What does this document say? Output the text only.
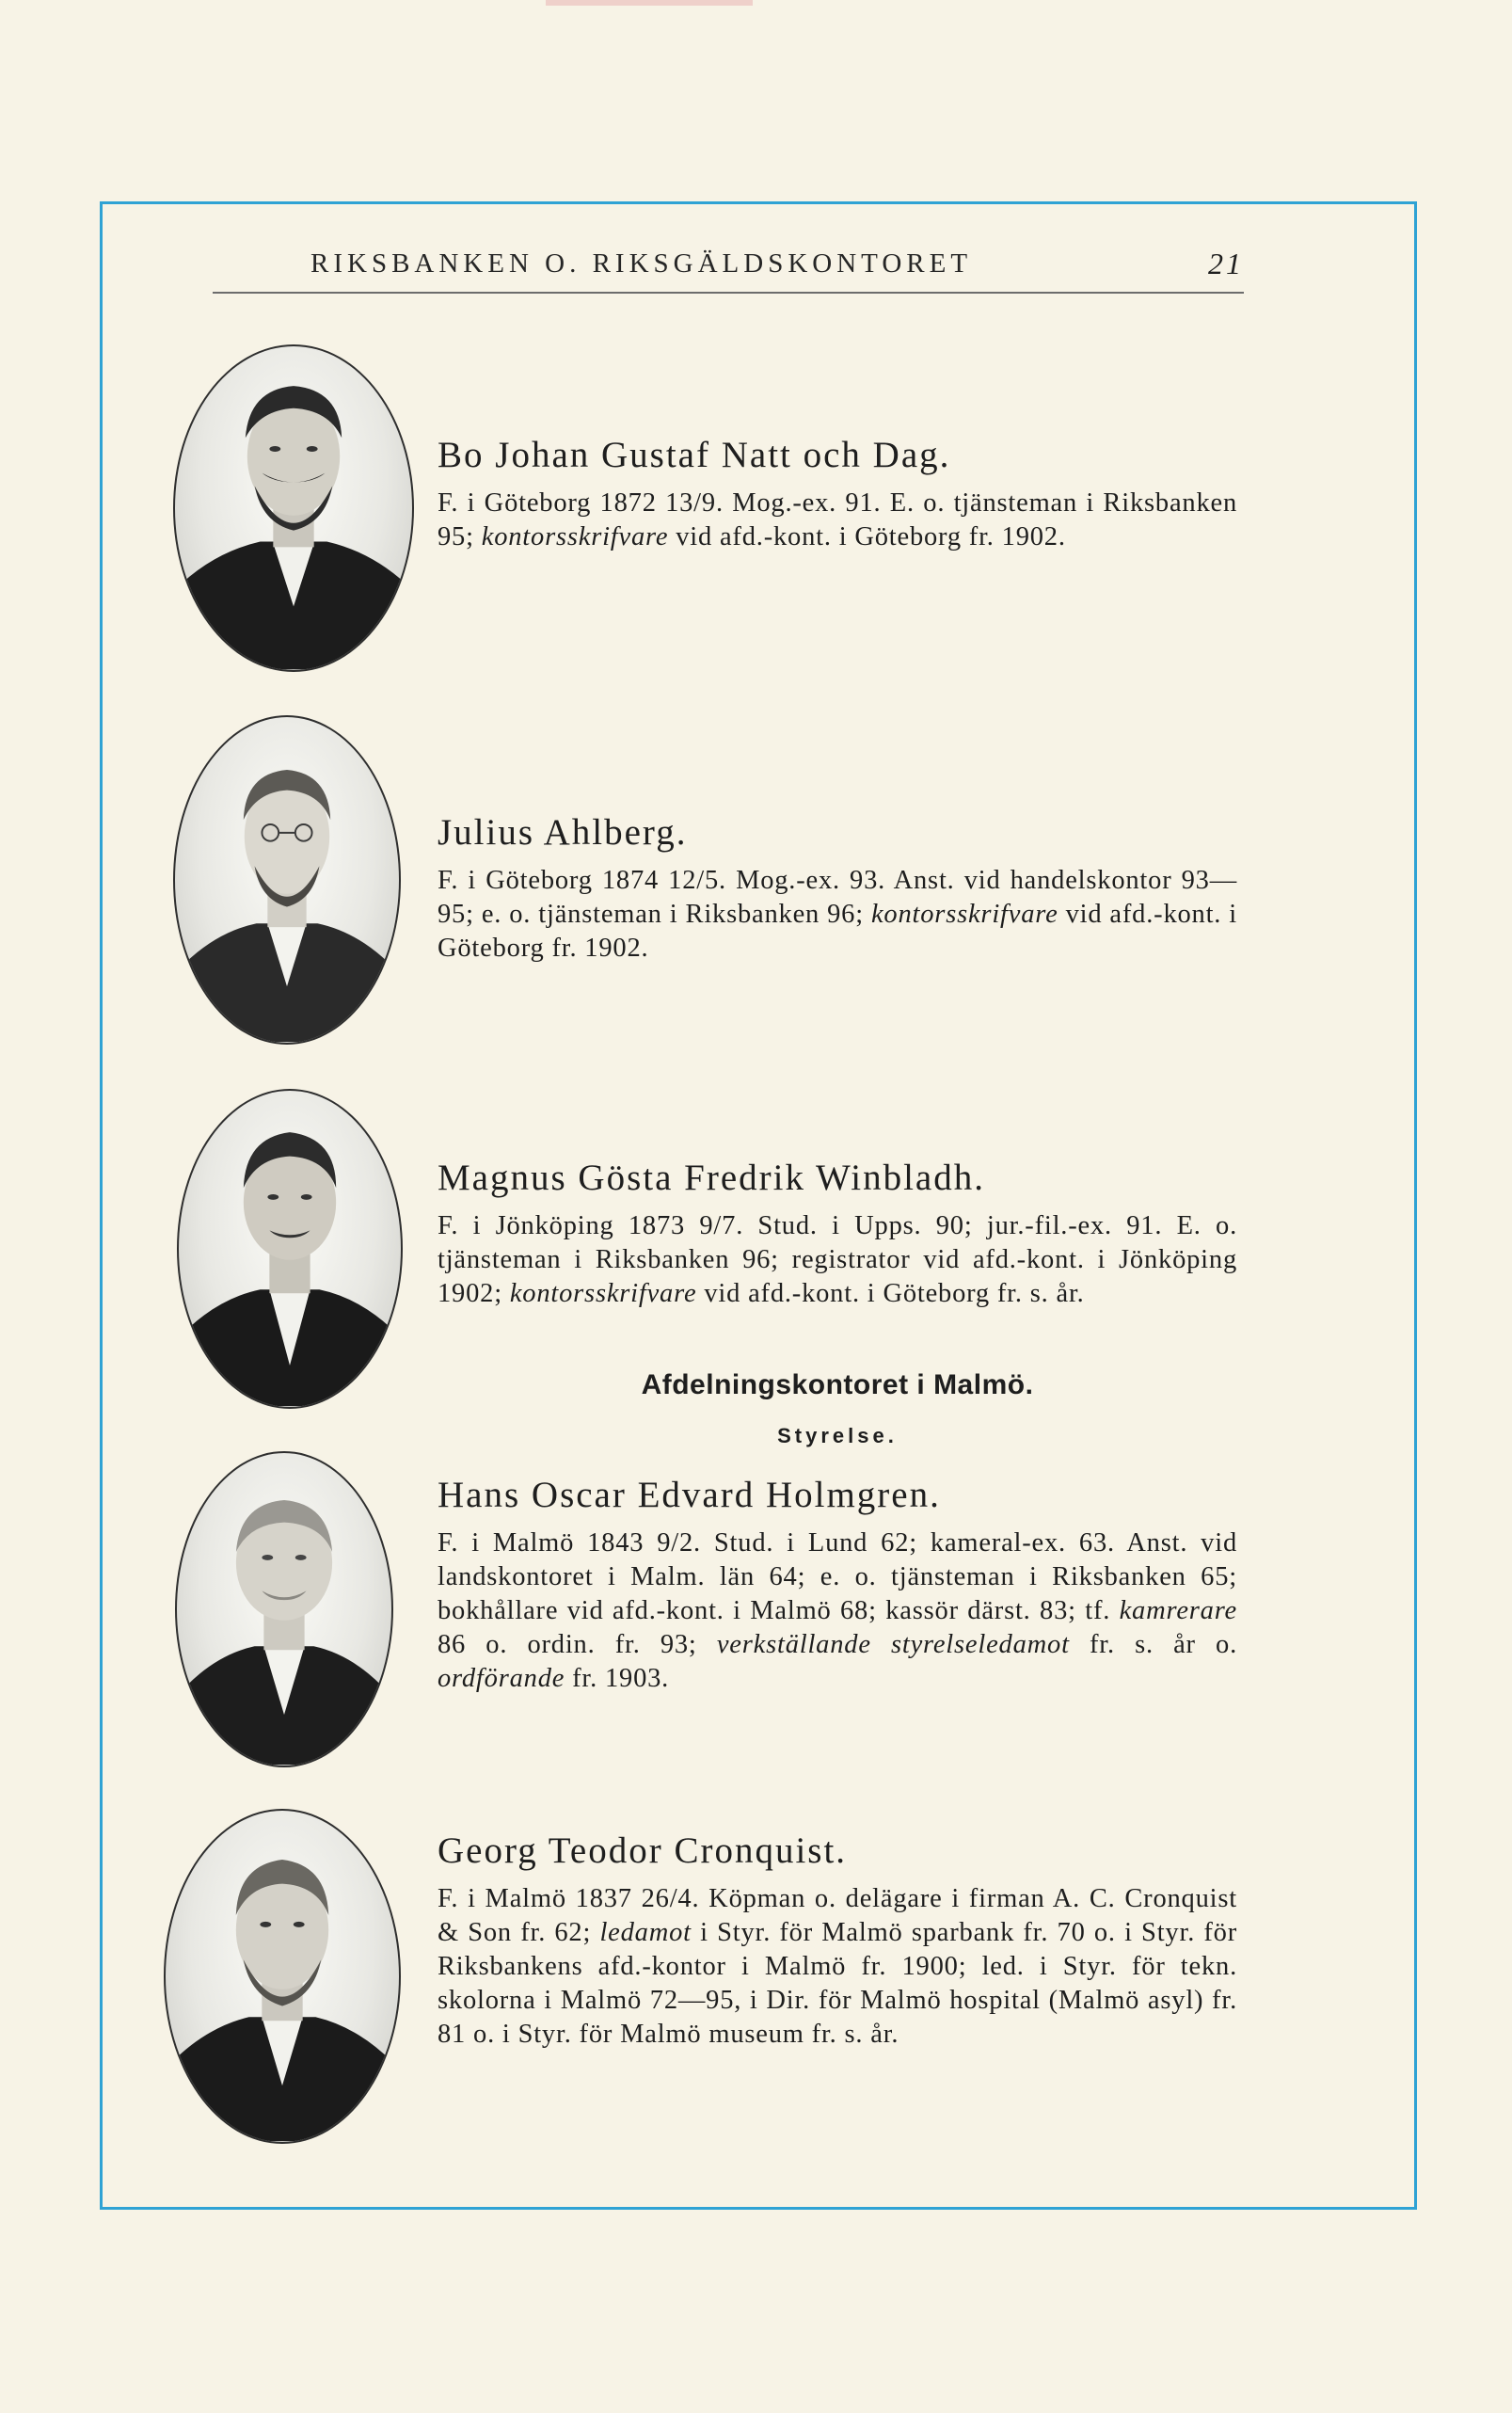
RIKSBANKEN O. RIKSGÄLDSKONTORET	21
Bo Johan Gustaf Natt och Dag.

F. i Göteborg 1872 13/9. Mog.-ex. 91. E. o. tjänsteman i Riksbanken 95; kontorsskrifvare vid afd.-kont. i Göteborg fr. 1902.

Julius Ahlberg.

F. i Göteborg 1874 12/5. Mog.-ex. 93. Anst. vid handelskontor 93—95; e. o. tjänsteman i Riksbanken 96; kontorsskrifvare vid afd.-kont. i Göteborg fr. 1902.

Magnus Gösta Fredrik Winbladh.

F. i Jönköping 1873 9/7. Stud. i Upps. 90; jur.-fil.-ex. 91. E. o. tjänsteman i Riksbanken 96; registrator vid afd.-kont. i Jönköping 1902; kontorsskrifvare vid afd.-kont. i Göteborg fr. s. år.

Afdelningskontoret i Malmö.
Styrelse.
Hans Oscar Edvard Holmgren.

F. i Malmö 1843 9/2. Stud. i Lund 62; kameral-ex. 63. Anst. vid landskontoret i Malm. län 64; e. o. tjänsteman i Riksbanken 65; bokhållare vid afd.-kont. i Malmö 68; kassör därst. 83; tf. kamrerare 86 o. ordin. fr. 93; verkställande styrelseledamot fr. s. år o. ordförande fr. 1903.

Georg Teodor Cronquist.

F. i Malmö 1837 26/4. Köpman o. delägare i firman A. C. Cronquist & Son fr. 62; ledamot i Styr. för Malmö sparbank fr. 70 o. i Styr. för Riksbankens afd.-kontor i Malmö fr. 1900; led. i Styr. för tekn. skolorna i Malmö 72—95, i Dir. för Malmö hospital (Malmö asyl) fr. 81 o. i Styr. för Malmö museum fr. s. år.
